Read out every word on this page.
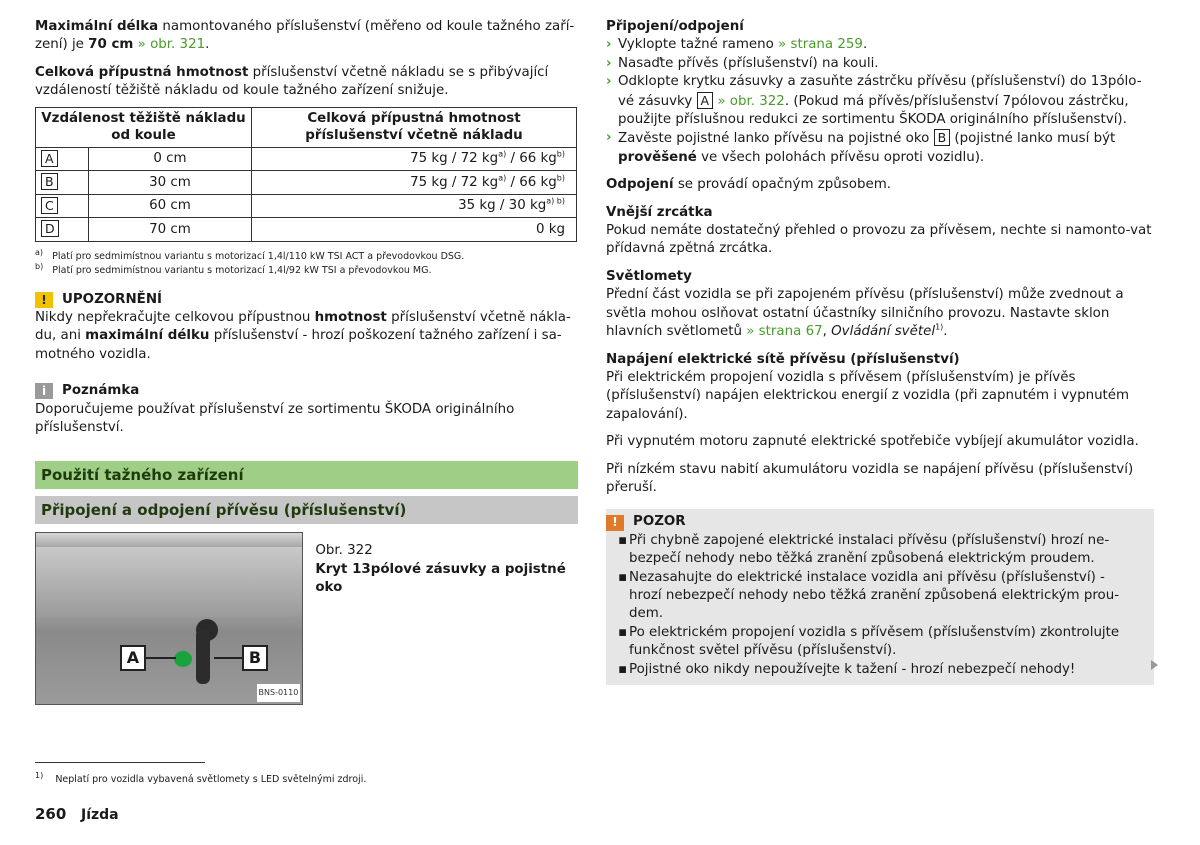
Maximální délka namontovaného příslušenství (měřeno od koule tažného zaří-zení) je 70 cm » obr. 321.

Celková přípustná hmotnost příslušenství včetně nákladu se s přibývající vzdáleností těžiště nákladu od koule tažného zařízení snižuje.

Vzdálenost těžiště nákladu od koule		Celková přípustná hmotnost příslušenství včetně nákladu
A	0 cm	75 kg / 72 $kg^{a)} / 66$ $kg^{b)}$
B	30 cm	75 kg / 72 $kg^{a)} / 66$ $kg^{b)}$
C	60 cm	35 kg / 30 $kg^{a) b)}$
D	70 cm	0 kg
$^{a)}$ Platí pro sedmimístnou variantu s motorizací 1,4l/110 kW TSI ACT a převodovkou DSG.
$^{b)}$ Platí pro sedmimístnou variantu s motorizací 1,4l/92 kW TSI a převodovkou MG.
!	UPOZORNĚNÍ

Nikdy nepřekračujte celkovou přípustnou hmotnost příslušenství včetně nákla-du, ani maximální délku příslušenství - hrozí poškození tažného zařízení i sa-motného vozidla.

i	Poznámka

Doporučujeme používat příslušenství ze sortimentu ŠKODA originálního příslušenství.

Použití tažného zařízení
Připojení a odpojení přívěsu (příslušenství)
A	B
BNS-0110
Obr. 322
Kryt 13pólové zásuvky a pojistné oko

Připojení/odpojení

› Vyklopte tažné rameno » strana 259.
› Nasaďte přívěs (příslušenství) na kouli.
› Odklopte krytku zásuvky a zasuňte zástrčku přívěsu (příslušenství) do 13pólo-vé zásuvky A » obr. 322. (Pokud má přívěs/příslušenství 7pólovou zástrčku, použijte příslušnou redukci ze sortimentu ŠKODA originálního příslušenství).
› Zavěste pojistné lanko přívěsu na pojistné oko B (pojistné lanko musí být prověšené ve všech polohách přívěsu oproti vozidlu).

Odpojení se provádí opačným způsobem.

Vnější zrcátka

Pokud nemáte dostatečný přehled o provozu za přívěsem, nechte si namonto-vat přídavná zpětná zrcátka.

Světlomety

Přední část vozidla se při zapojeném přívěsu (příslušenství) může zvednout a světla mohou oslňovat ostatní účastníky silničního provozu. Nastavte sklon hlavních světlometů » strana 67, Ovládání světel$^{1)}$.

Napájení elektrické sítě přívěsu (příslušenství)

Při elektrickém propojení vozidla s přívěsem (příslušenstvím) je přívěs (příslušenství) napájen elektrickou energií z vozidla (při zapnutém i vypnutém zapalování).

Při vypnutém motoru zapnuté elektrické spotřebiče vybíjejí akumulátor vozidla.

Při nízkém stavu nabití akumulátoru vozidla se napájení přívěsu (příslušenství) přeruší.

!	POZOR
▪ Při chybně zapojené elektrické instalaci přívěsu (příslušenství) hrozí ne-bezpečí nehody nebo těžká zranění způsobená elektrickým proudem.
▪ Nezasahujte do elektrické instalace vozidla ani přívěsu (příslušenství) - hrozí nebezpečí nehody nebo těžká zranění způsobená elektrickým prou-dem.
▪ Po elektrickém propojení vozidla s přívěsem (příslušenstvím) zkontrolujte funkčnost světel přívěsu (příslušenství).
▪ Pojistné oko nikdy nepoužívejte k tažení - hrozí nebezpečí nehody!
$^{1)}$ Neplatí pro vozidla vybavená světlomety s LED světelnými zdroji.
260 Jízda
